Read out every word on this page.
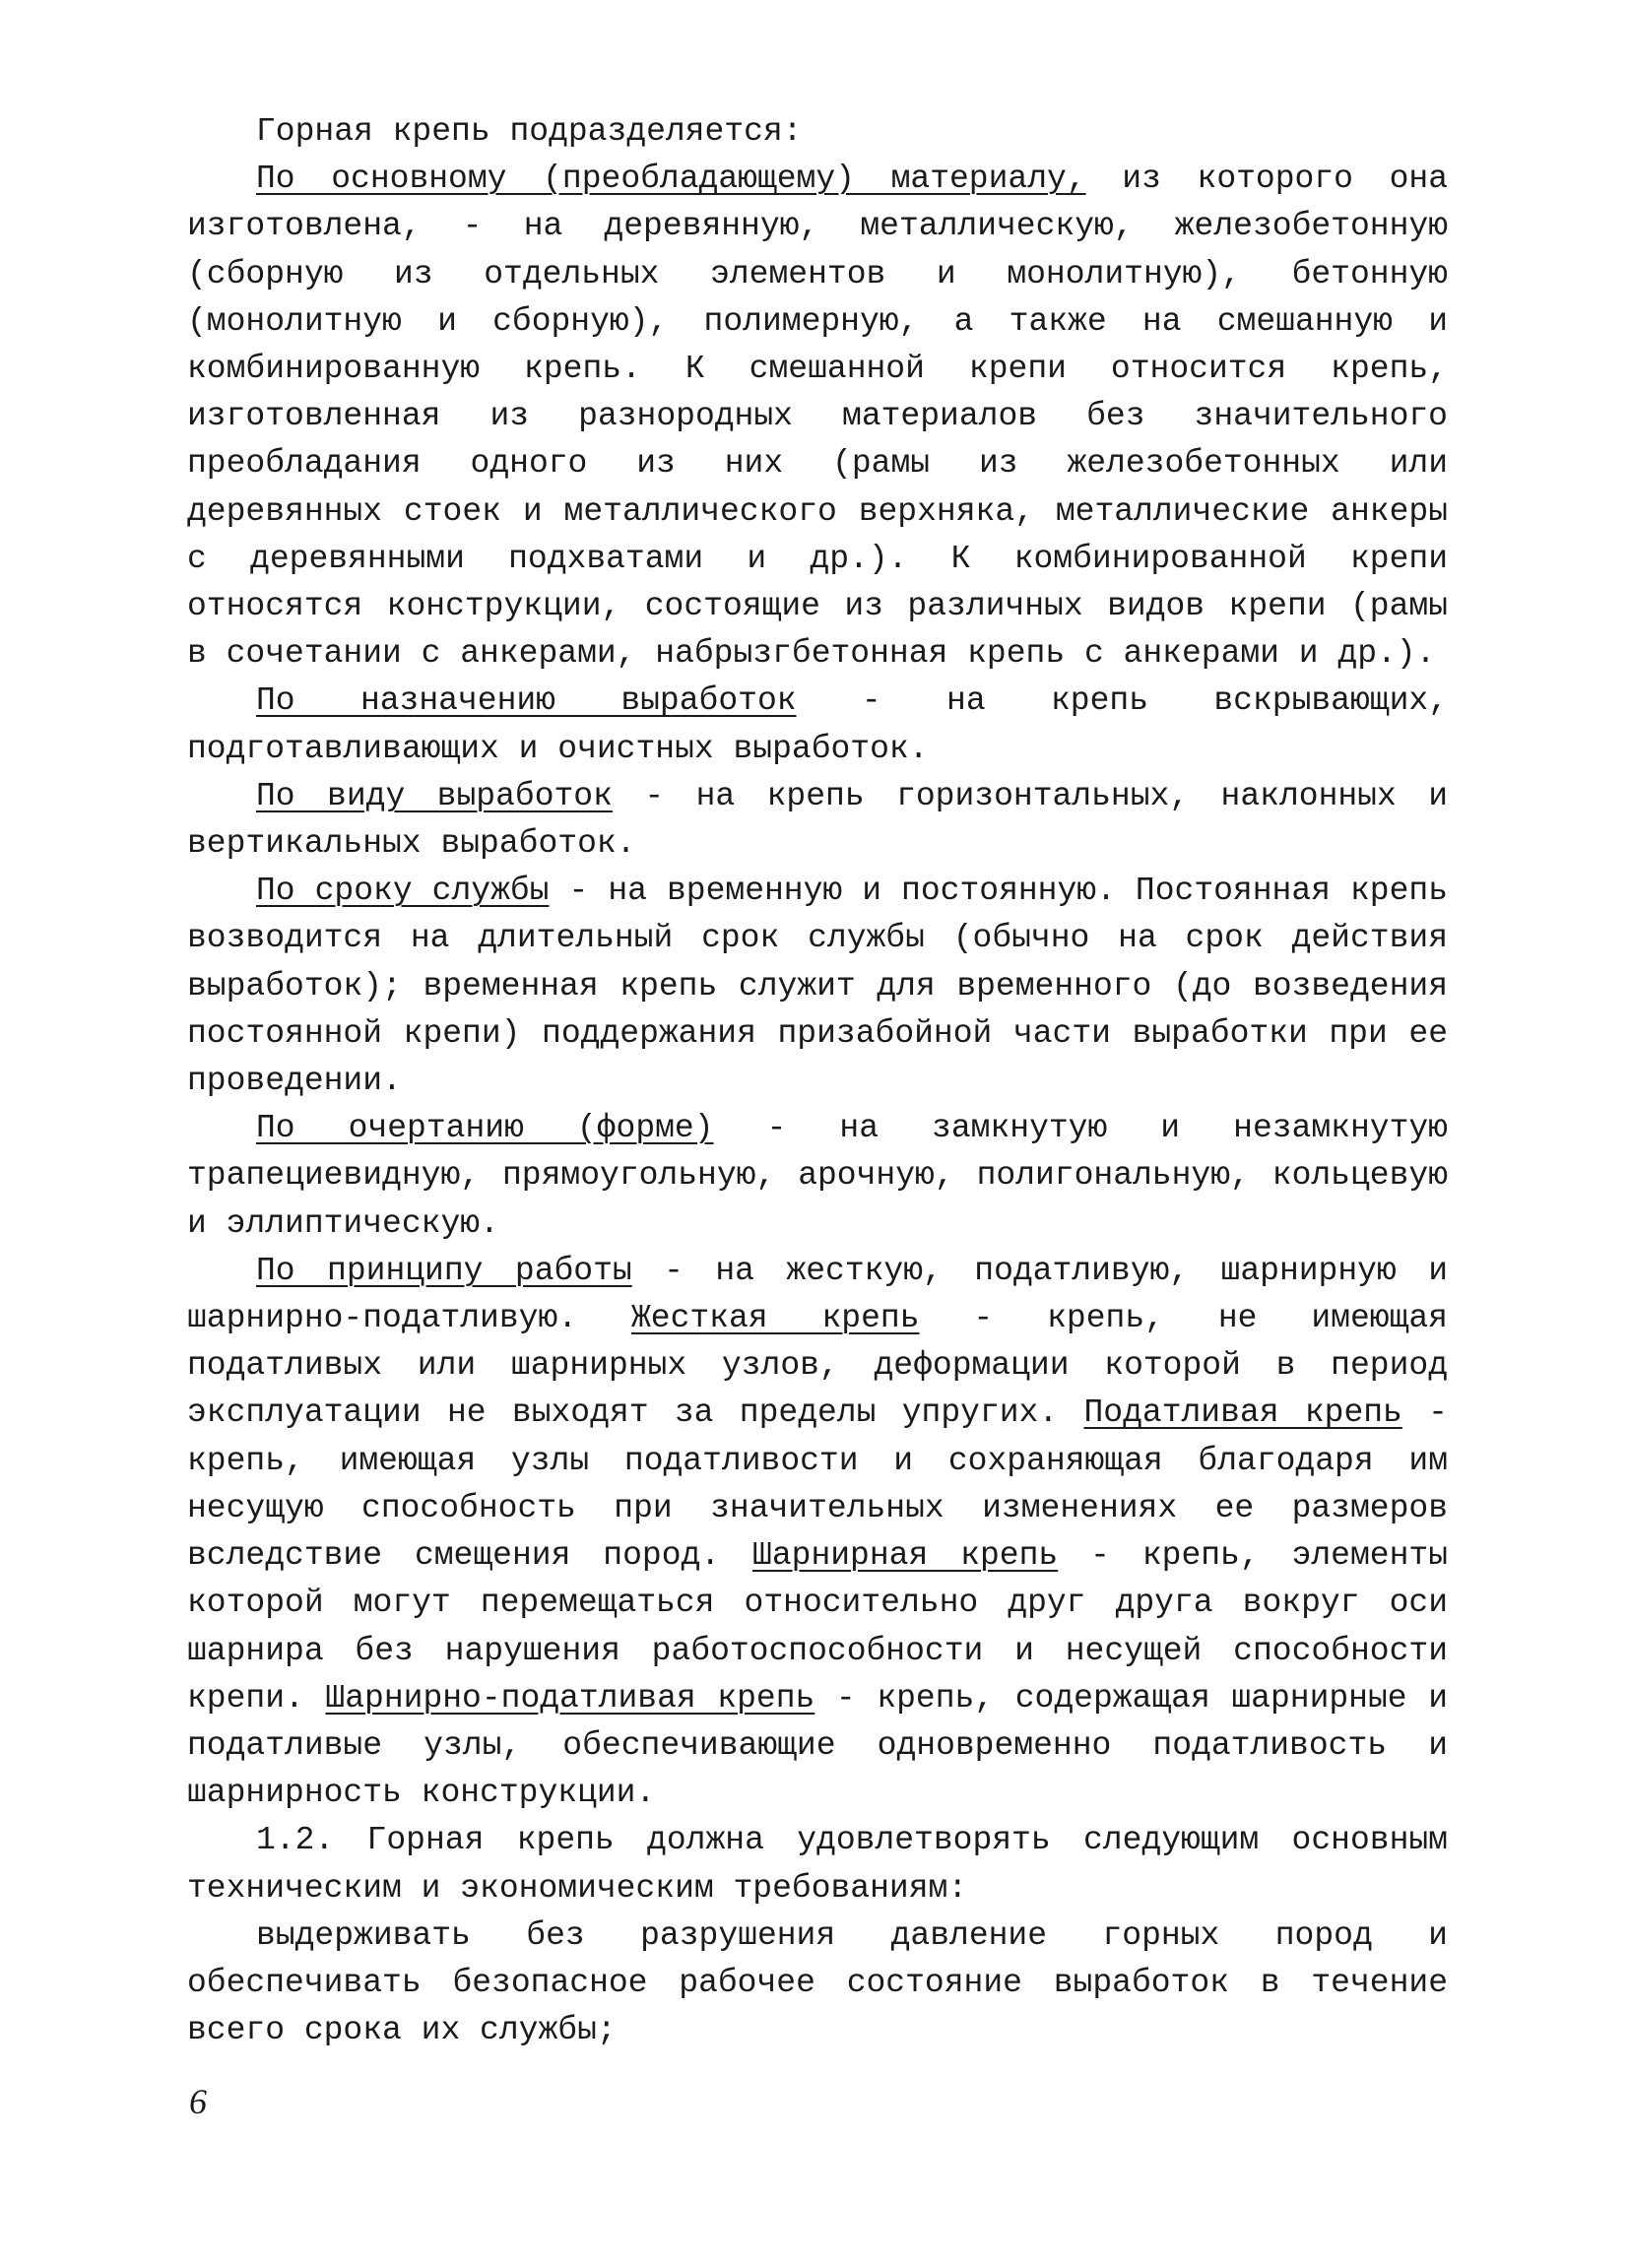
Горная крепь подразделяется:

По основному (преобладающему) материалу, из которого она изготовлена, - на деревянную, металлическую, железобетонную (сборную из отдельных элементов и монолитную), бетонную (монолитную и сборную), полимерную, а также на смешанную и комбинированную крепь. К смешанной крепи относится крепь, изготовленная из разнородных материалов без значительного преобладания одного из них (рамы из железобетонных или деревянных стоек и металлического верхняка, металлические анкеры с деревянными подхватами и др.). К комбинированной крепи относятся конструкции, состоящие из различных видов крепи (рамы в сочетании с анкерами, набрызгбетонная крепь с анкерами и др.).

По назначению выработок - на крепь вскрывающих, подготавливающих и очистных выработок.

По виду выработок - на крепь горизонтальных, наклонных и вертикальных выработок.

По сроку службы - на временную и постоянную. Постоянная крепь возводится на длительный срок службы (обычно на срок действия выработок); временная крепь служит для временного (до возведения постоянной крепи) поддержания призабойной части выработки при ее проведении.

По очертанию (форме) - на замкнутую и незамкнутую трапециевидную, прямоугольную, арочную, полигональную, кольцевую и эллиптическую.

По принципу работы - на жесткую, податливую, шарнирную и шарнирно-податливую. Жесткая крепь - крепь, не имеющая податливых или шарнирных узлов, деформации которой в период эксплуатации не выходят за пределы упругих. Податливая крепь - крепь, имеющая узлы податливости и сохраняющая благодаря им несущую способность при значительных изменениях ее размеров вследствие смещения пород. Шарнирная крепь - крепь, элементы которой могут перемещаться относительно друг друга вокруг оси шарнира без нарушения работоспособности и несущей способности крепи. Шарнирно-податливая крепь - крепь, содержащая шарнирные и податливые узлы, обеспечивающие одновременно податливость и шарнирность конструкции.

1.2. Горная крепь должна удовлетворять следующим основным техническим и экономическим требованиям:

выдерживать без разрушения давление горных пород и обеспечивать безопасное рабочее состояние выработок в течение всего срока их службы;

6
